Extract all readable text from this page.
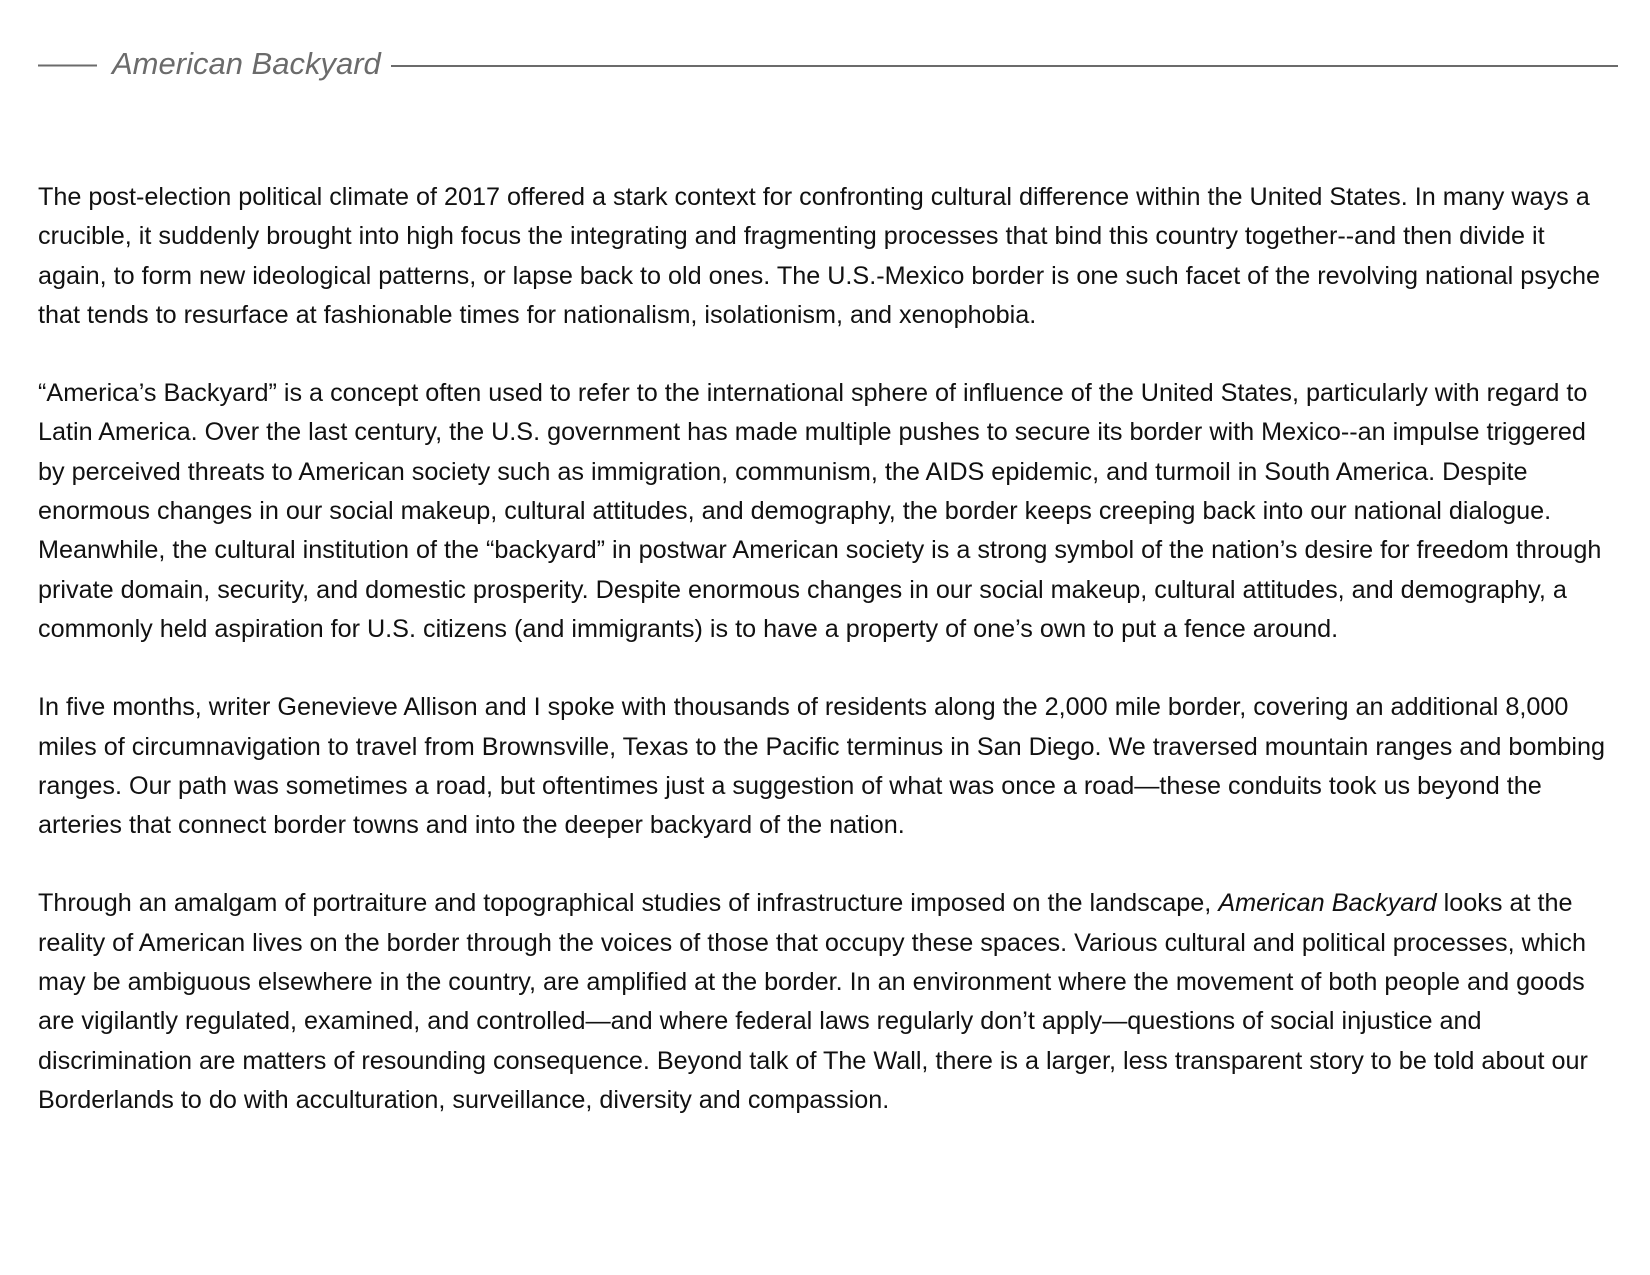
—— American Backyard

The post-election political climate of 2017 offered a stark context for confronting cultural difference within the United States. In many ways a crucible, it suddenly brought into high focus the integrating and fragmenting processes that bind this country together--and then divide it again, to form new ideological patterns, or lapse back to old ones. The U.S.-Mexico border is one such facet of the revolving national psyche that tends to resurface at fashionable times for nationalism, isolationism, and xenophobia.

“America’s Backyard” is a concept often used to refer to the international sphere of influence of the United States, particularly with regard to Latin America. Over the last century, the U.S. government has made multiple pushes to secure its border with Mexico--an impulse triggered by perceived threats to American society such as immigration, communism, the AIDS epidemic, and turmoil in South America. Despite enormous changes in our social makeup, cultural attitudes, and demography, the border keeps creeping back into our national dialogue. Meanwhile, the cultural institution of the “backyard” in postwar American society is a strong symbol of the nation’s desire for freedom through private domain, security, and domestic prosperity. Despite enormous changes in our social makeup, cultural attitudes, and demography, a commonly held aspiration for U.S. citizens (and immigrants) is to have a property of one’s own to put a fence around.

In five months, writer Genevieve Allison and I spoke with thousands of residents along the 2,000 mile border, covering an additional 8,000 miles of circumnavigation to travel from Brownsville, Texas to the Pacific terminus in San Diego. We traversed mountain ranges and bombing ranges. Our path was sometimes a road, but oftentimes just a suggestion of what was once a road—these conduits took us beyond the arteries that connect border towns and into the deeper backyard of the nation.

Through an amalgam of portraiture and topographical studies of infrastructure imposed on the landscape, American Backyard looks at the reality of American lives on the border through the voices of those that occupy these spaces. Various cultural and political processes, which may be ambiguous elsewhere in the country, are amplified at the border. In an environment where the movement of both people and goods are vigilantly regulated, examined, and controlled—and where federal laws regularly don’t apply—questions of social injustice and discrimination are matters of resounding consequence. Beyond talk of The Wall, there is a larger, less transparent story to be told about our Borderlands to do with acculturation, surveillance, diversity and compassion.
